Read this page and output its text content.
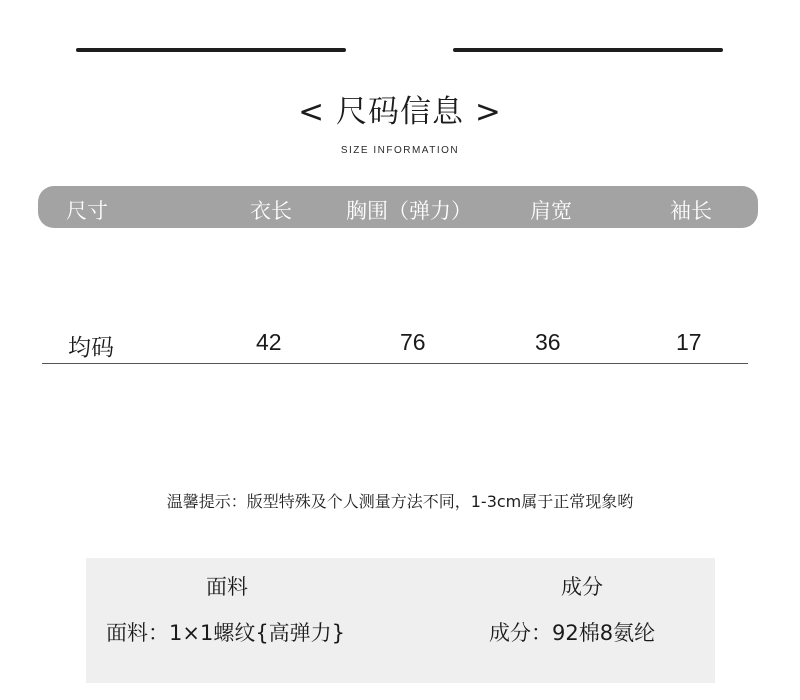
< 尺码信息 >
SIZE INFORMATION
尺寸	衣长	胸围（弹力）	肩宽	袖长
均码	42	76	36	17
温馨提示：版型特殊及个人测量方法不同，1-3cm属于正常现象哟
面料	成分
面料：1×1螺纹{高弹力}	成分：92棉8氨纶
